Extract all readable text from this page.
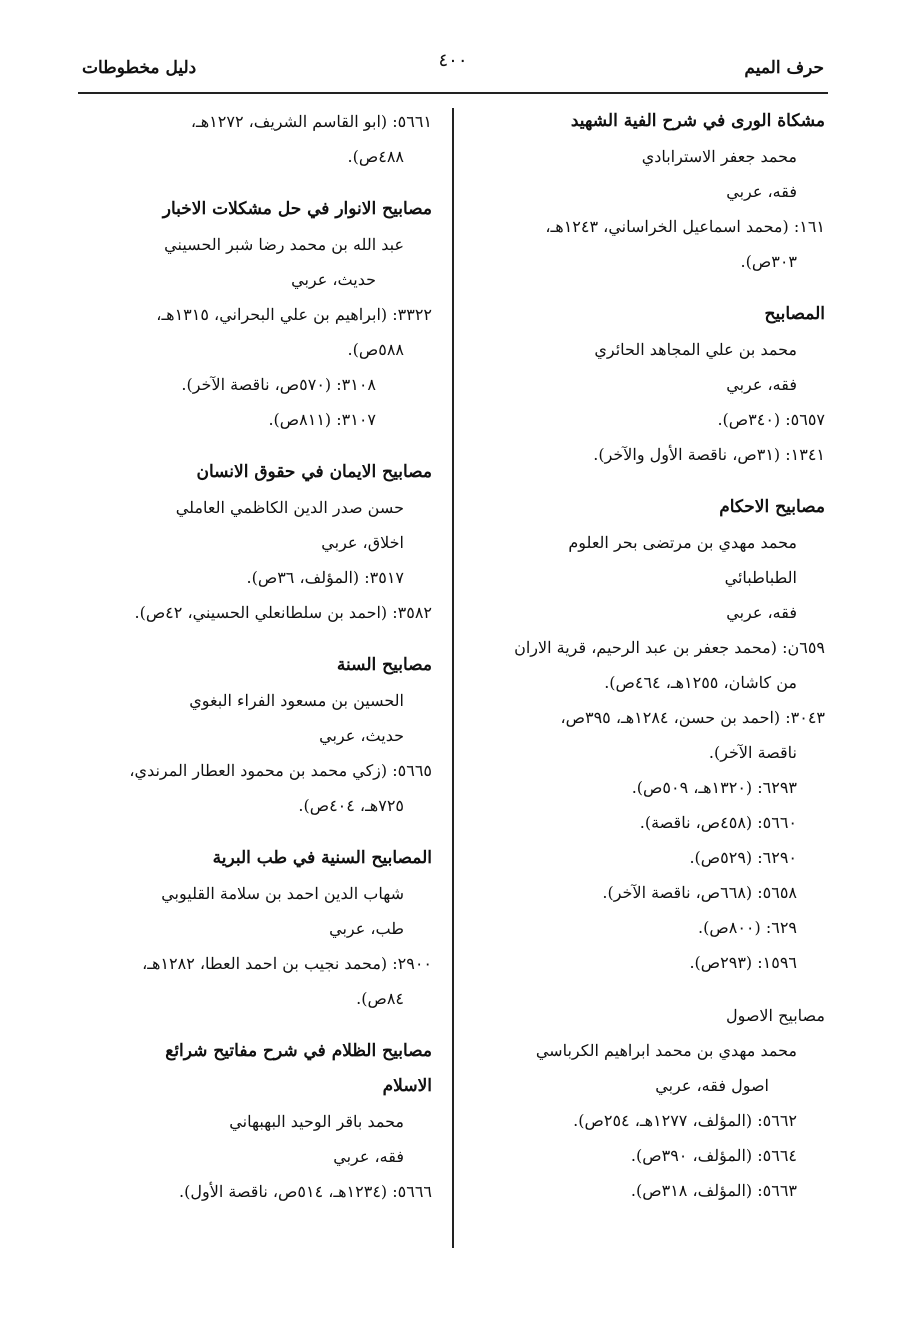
حرف الميم
٤٠٠
دليل مخطوطات
مشكاة الورى في شرح الفية الشهيد
محمد جعفر الاسترابادي
فقه، عربي
١٦١: (محمد اسماعيل الخراساني، ١٢٤٣هـ،
٣٠٣ص).
المصابيح
محمد بن علي المجاهد الحائري
فقه، عربي
٥٦٥٧: (٣٤٠ص).
١٣٤١: (٣١ص، ناقصة الأول والآخر).
مصابيح الاحكام
محمد مهدي بن مرتضى بحر العلوم
الطباطبائي
فقه، عربي
٦٥٩ن: (محمد جعفر بن عبد الرحيم، قرية الاران
من كاشان، ١٢٥٥هـ، ٤٦٤ص).
٣٠٤٣: (احمد بن حسن، ١٢٨٤هـ، ٣٩٥ص،
ناقصة الآخر).
٦٢٩٣: (١٣٢٠هـ، ٥٠٩ص).
٥٦٦٠: (٤٥٨ص، ناقصة).
٦٢٩٠: (٥٢٩ص).
٥٦٥٨: (٦٦٨ص، ناقصة الآخر).
٦٢٩: (٨٠٠ص).
١٥٩٦: (٢٩٣ص).
مصابيح الاصول
محمد مهدي بن محمد ابراهيم الكرباسي
اصول فقه، عربي
٥٦٦٢: (المؤلف، ١٢٧٧هـ، ٢٥٤ص).
٥٦٦٤: (المؤلف، ٣٩٠ص).
٥٦٦٣: (المؤلف، ٣١٨ص).
٥٦٦١: (ابو القاسم الشريف، ١٢٧٢هـ،
٤٨٨ص).
مصابيح الانوار في حل مشكلات الاخبار
عبد الله بن محمد رضا شبر الحسيني
حديث، عربي
٣٣٢٢: (ابراهيم بن علي البحراني، ١٣١٥هـ،
٥٨٨ص).
٣١٠٨: (٥٧٠ص، ناقصة الآخر).
٣١٠٧: (٨١١ص).
مصابيح الايمان في حقوق الانسان
حسن صدر الدين الكاظمي العاملي
اخلاق، عربي
٣٥١٧: (المؤلف، ٣٦ص).
٣٥٨٢: (احمد بن سلطانعلي الحسيني، ٤٢ص).
مصابيح السنة
الحسين بن مسعود الفراء البغوي
حديث، عربي
٥٦٦٥: (زكي محمد بن محمود العطار المرندي،
٧٢٥هـ، ٤٠٤ص).
المصابيح السنية في طب البرية
شهاب الدين احمد بن سلامة القليوبي
طب، عربي
٢٩٠٠: (محمد نجيب بن احمد العطا، ١٢٨٢هـ،
٨٤ص).
مصابيح الظلام في شرح مفاتيح شرائع
الاسلام
محمد باقر الوحيد البهبهاني
فقه، عربي
٥٦٦٦: (١٢٣٤هـ، ٥١٤ص، ناقصة الأول).
